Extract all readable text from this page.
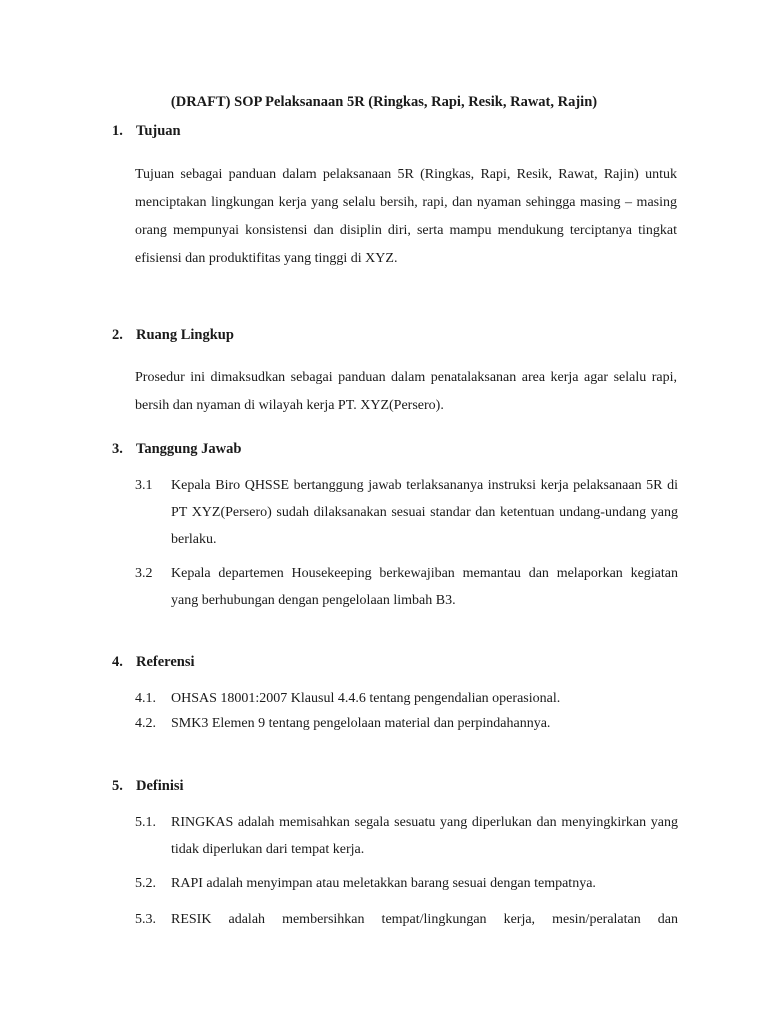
(DRAFT) SOP Pelaksanaan 5R (Ringkas, Rapi, Resik, Rawat, Rajin)
1. Tujuan

Tujuan sebagai panduan dalam pelaksanaan 5R (Ringkas, Rapi, Resik, Rawat, Rajin) untuk menciptakan lingkungan kerja yang selalu bersih, rapi, dan nyaman sehingga masing – masing orang mempunyai konsistensi dan disiplin diri, serta mampu mendukung terciptanya tingkat efisiensi dan produktifitas yang tinggi di XYZ.

2. Ruang Lingkup

Prosedur ini dimaksudkan sebagai panduan dalam penatalaksanan area kerja agar selalu rapi, bersih dan nyaman di wilayah kerja PT. XYZ(Persero).

3. Tanggung Jawab
3.1 Kepala Biro QHSSE bertanggung jawab terlaksananya instruksi kerja pelaksanaan 5R di PT XYZ(Persero) sudah dilaksanakan sesuai standar dan ketentuan undang-undang yang berlaku.
3.2 Kepala departemen Housekeeping berkewajiban memantau dan melaporkan kegiatan yang berhubungan dengan pengelolaan limbah B3.
4. Referensi
4.1. OHSAS 18001:2007 Klausul 4.4.6 tentang pengendalian operasional.
4.2. SMK3 Elemen 9 tentang pengelolaan material dan perpindahannya.
5. Definisi
5.1. RINGKAS adalah memisahkan segala sesuatu yang diperlukan dan menyingkirkan yang tidak diperlukan dari tempat kerja.
5.2. RAPI adalah menyimpan atau meletakkan barang sesuai dengan tempatnya.
5.3. RESIK adalah membersihkan tempat/lingkungan kerja, mesin/peralatan dan
